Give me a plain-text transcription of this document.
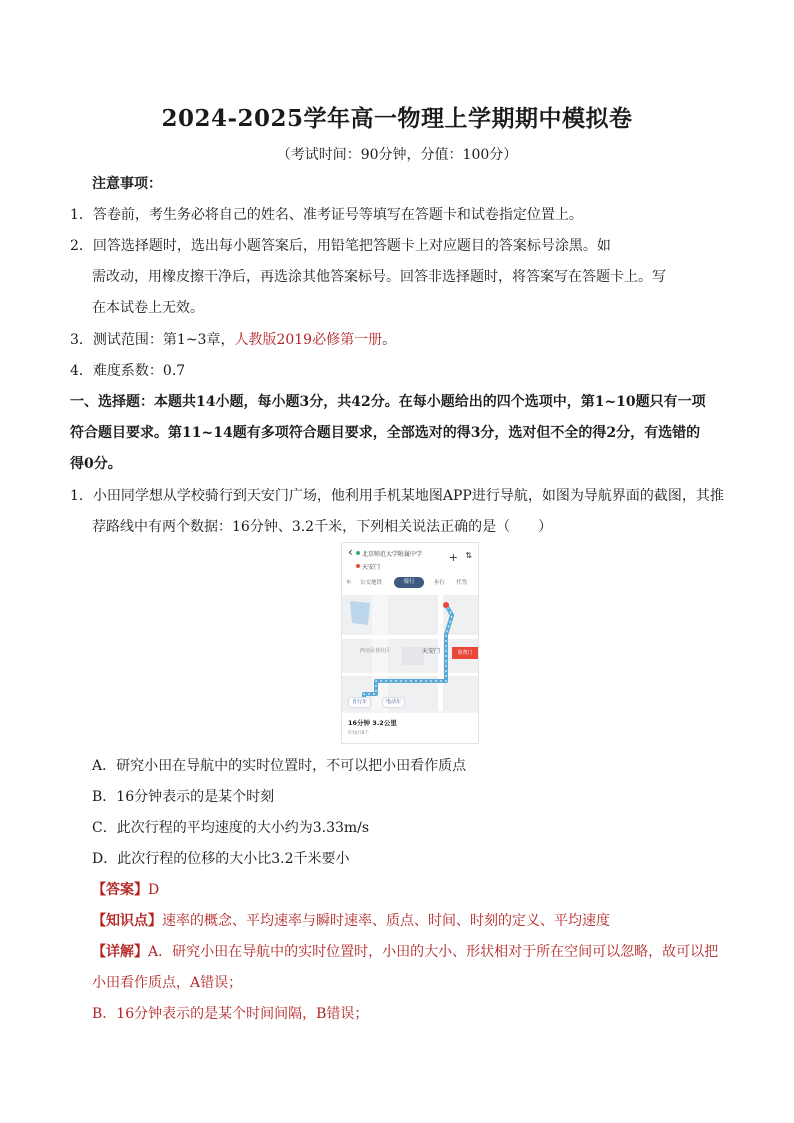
2024-2025学年高一物理上学期期中模拟卷
（考试时间：90分钟，分值：100分）
注意事项：
1．答卷前，考生务必将自己的姓名、准考证号等填写在答题卡和试卷指定位置上。
2．回答选择题时，选出每小题答案后，用铅笔把答题卡上对应题目的答案标号涂黑。如
需改动，用橡皮擦干净后，再选涂其他答案标号。回答非选择题时，将答案写在答题卡上。写
在本试卷上无效。
3．测试范围：第1~3章，人教版2019必修第一册。
4．难度系数：0.7
一、选择题：本题共14小题，每小题3分，共42分。在每小题给出的四个选项中，第1~10题只有一项
符合题目要求。第11~14题有多项符合题目要求，全部选对的得3分，选对但不全的得2分，有选错的
得0分。
1．小田同学想从学校骑行到天安门广场，他利用手机某地图APP进行导航，如图为导航界面的截图，其推
荐路线中有两个数据：16分钟、3.2千米，下列相关说法正确的是（　　）
‹ 北京师范大学附属中学
天安门
+ ⇅
车 公交地铁	骑行	步行 代驾
天安门	收费门
西交民巷社区
自行车	电动车
16分钟 3.2公里
红绿灯8个
A．研究小田在导航中的实时位置时，不可以把小田看作质点
B．16分钟表示的是某个时刻
C．此次行程的平均速度的大小约为3.33m/s
D．此次行程的位移的大小比3.2千米要小
【答案】D
【知识点】速率的概念、平均速率与瞬时速率、质点、时间、时刻的定义、平均速度
【详解】A．研究小田在导航中的实时位置时，小田的大小、形状相对于所在空间可以忽略，故可以把
小田看作质点，A错误；
B．16分钟表示的是某个时间间隔，B错误；
